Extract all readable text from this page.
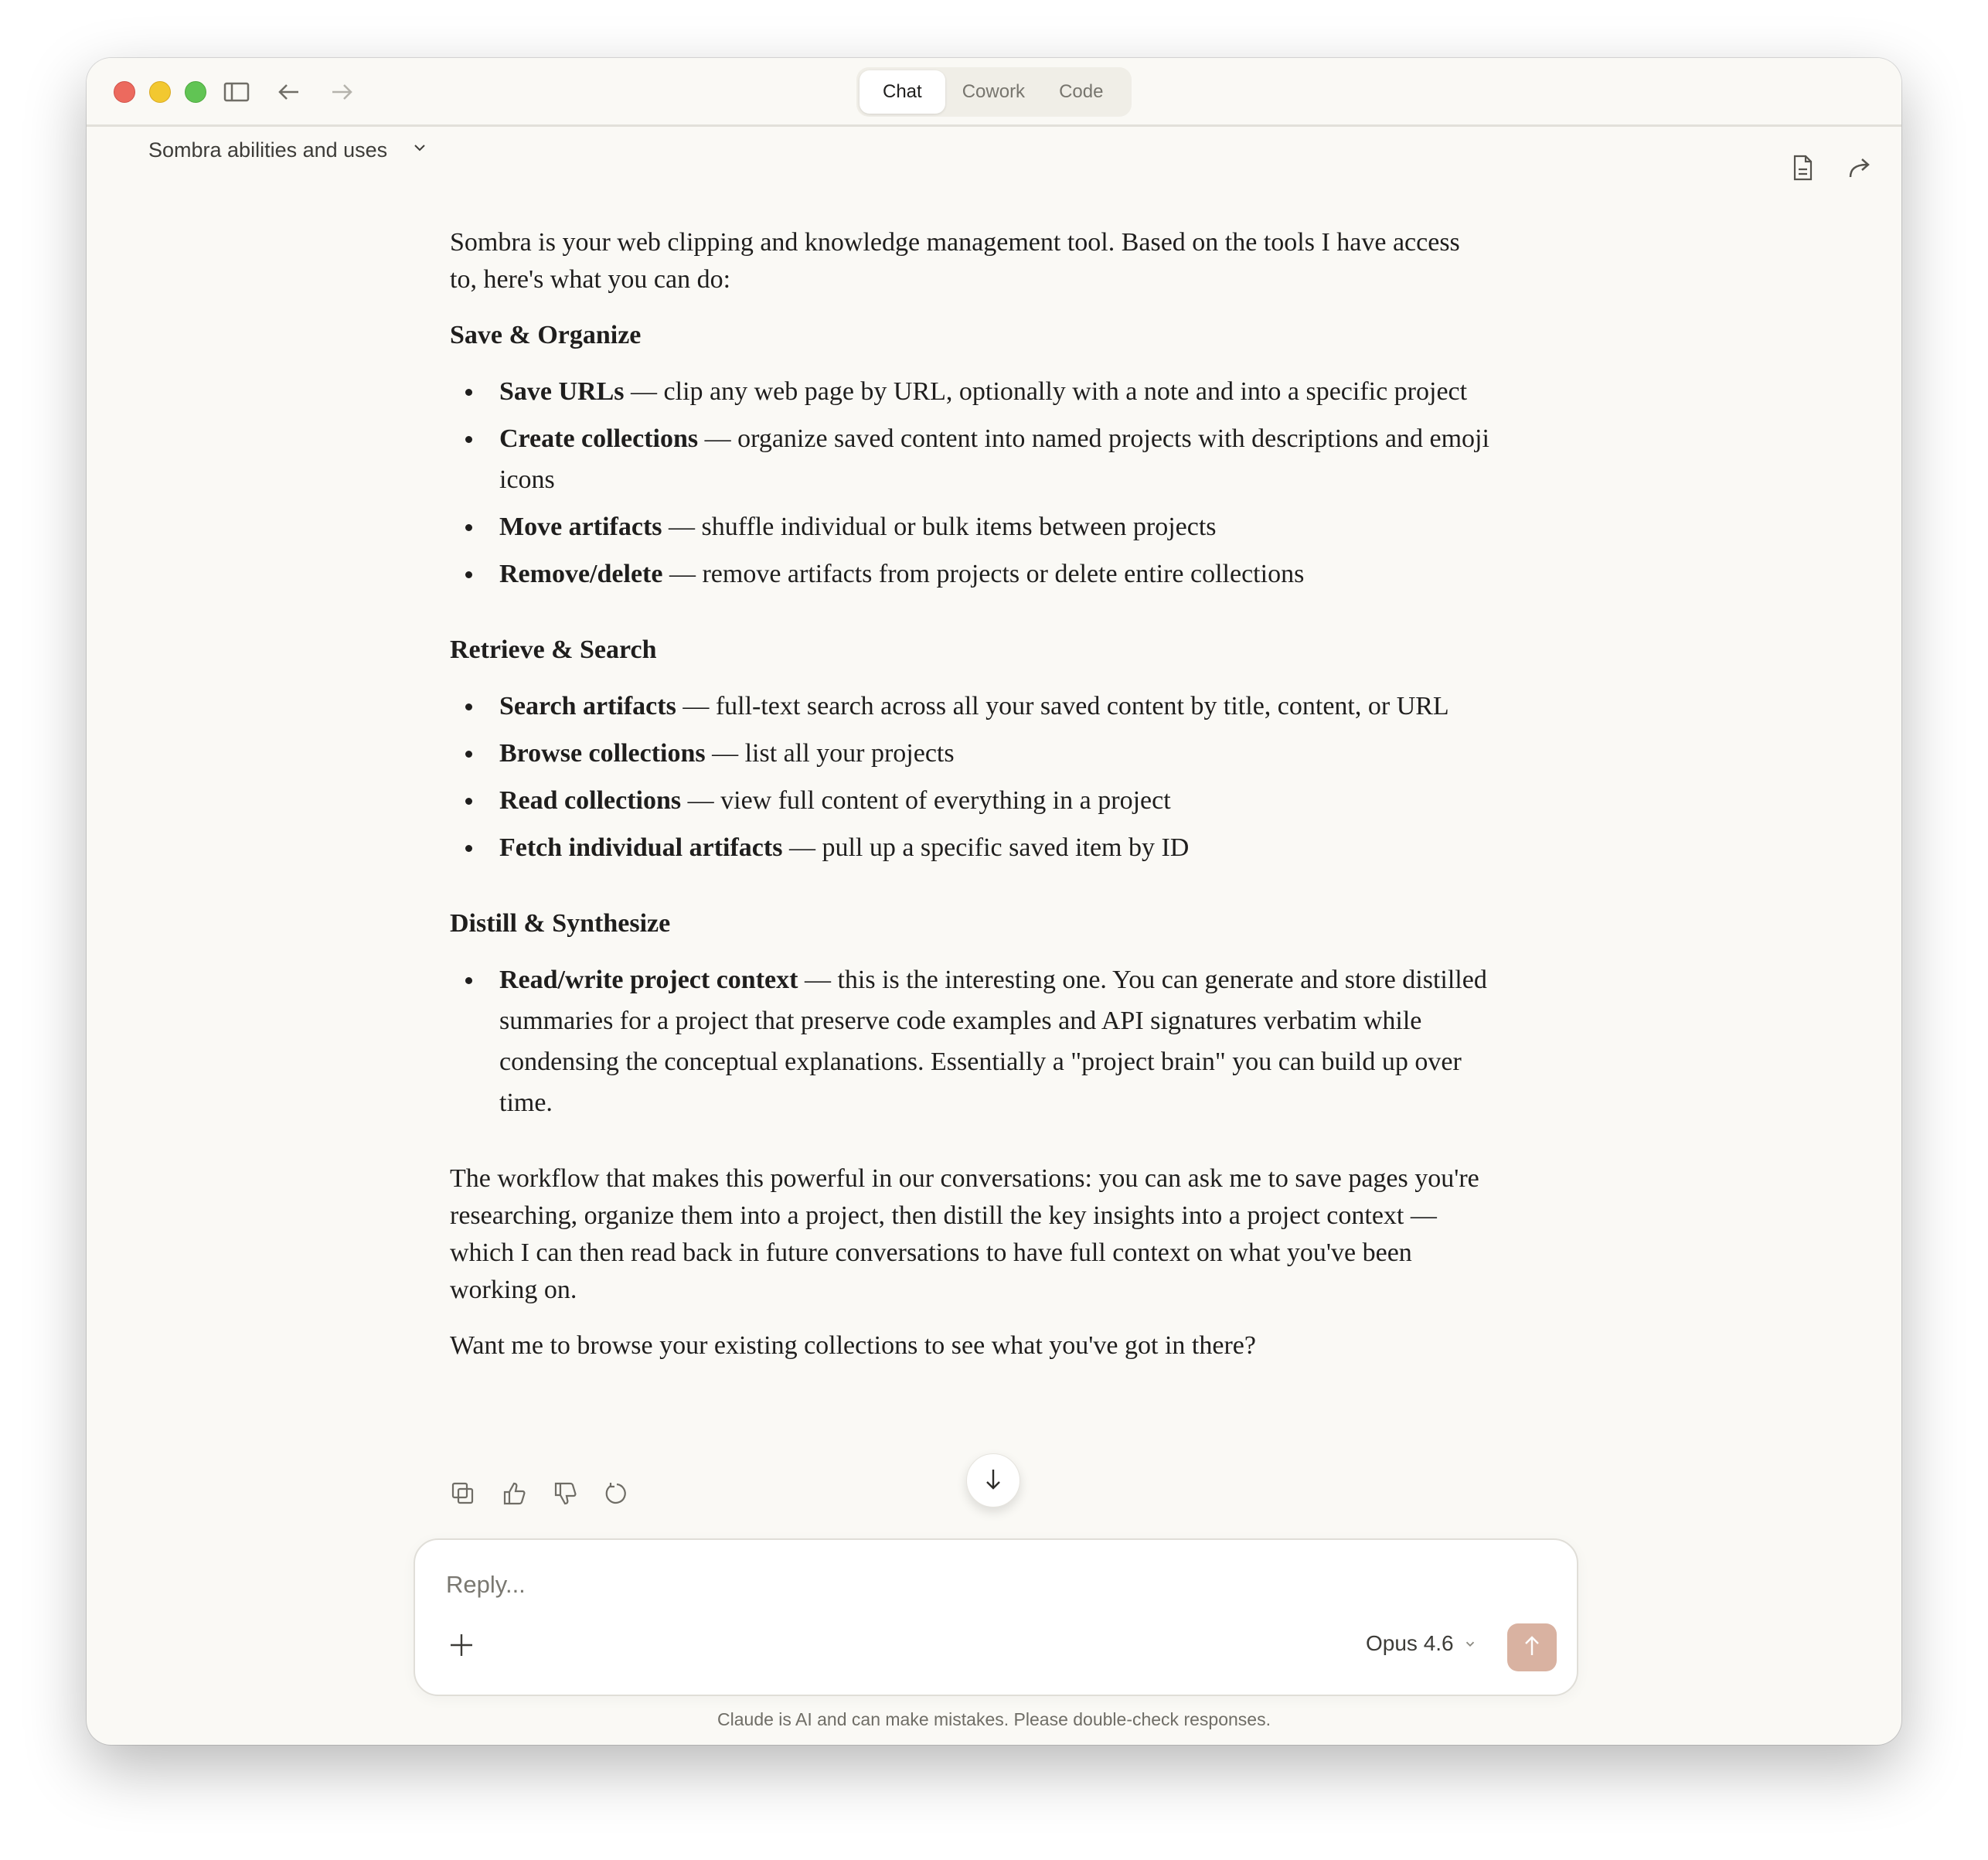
Chat	Cowork	Code
Sombra abilities and uses

Sombra is your web clipping and knowledge management tool. Based on the tools I have access to, here's what you can do:

Save & Organize
Save URLs — clip any web page by URL, optionally with a note and into a specific project
Create collections — organize saved content into named projects with descriptions and emoji icons
Move artifacts — shuffle individual or bulk items between projects
Remove/delete — remove artifacts from projects or delete entire collections
Retrieve & Search
Search artifacts — full-text search across all your saved content by title, content, or URL
Browse collections — list all your projects
Read collections — view full content of everything in a project
Fetch individual artifacts — pull up a specific saved item by ID
Distill & Synthesize
Read/write project context — this is the interesting one. You can generate and store distilled summaries for a project that preserve code examples and API signatures verbatim while condensing the conceptual explanations. Essentially a "project brain" you can build up over time.

The workflow that makes this powerful in our conversations: you can ask me to save pages you're researching, organize them into a project, then distill the key insights into a project context — which I can then read back in future conversations to have full context on what you've been working on.

Want me to browse your existing collections to see what you've got in there?

Reply...
Opus 4.6
Claude is AI and can make mistakes. Please double-check responses.
